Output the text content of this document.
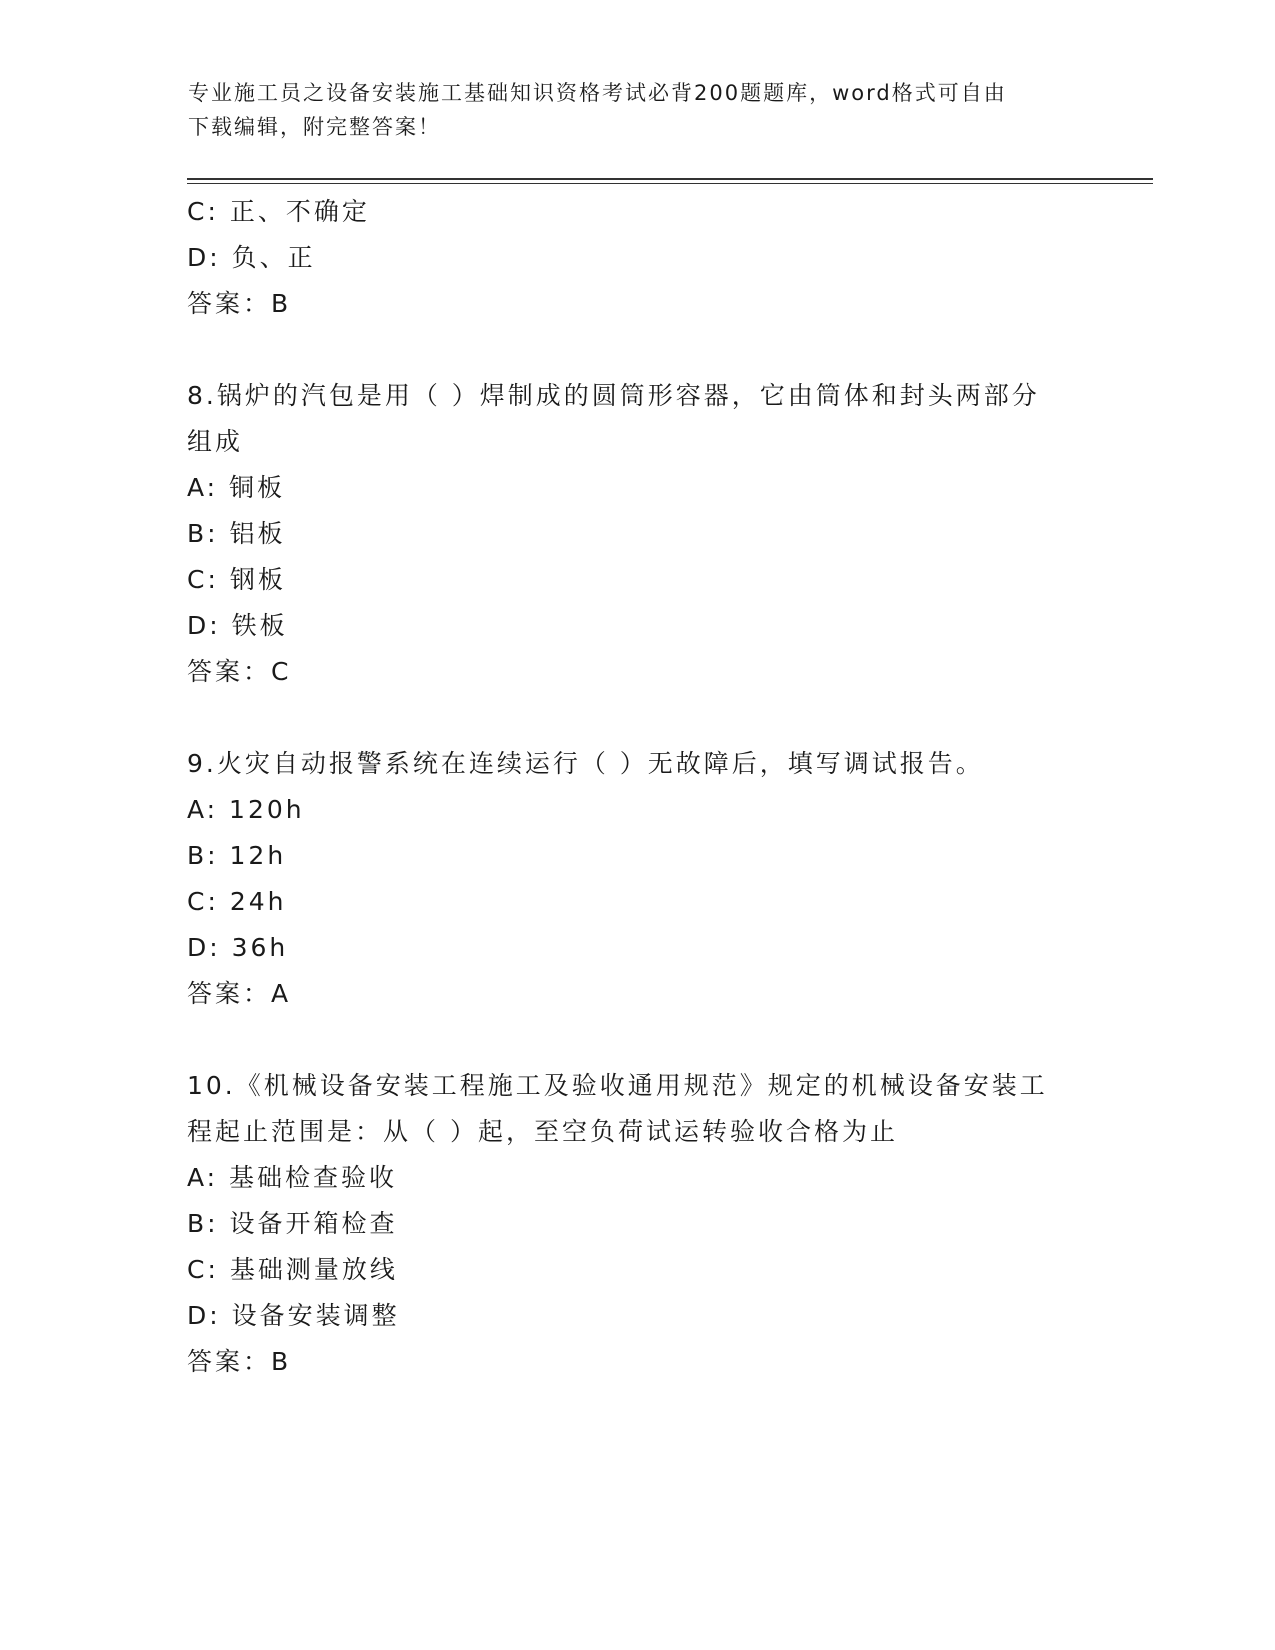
专业施工员之设备安装施工基础知识资格考试必背200题题库，word格式可自由
下载编辑，附完整答案！
C: 正、不确定
D: 负、正
答案：B
8.锅炉的汽包是用（ ）焊制成的圆筒形容器，它由筒体和封头两部分
组成
A: 铜板
B: 铝板
C: 钢板
D: 铁板
答案：C
9.火灾自动报警系统在连续运行（ ）无故障后，填写调试报告。
A: 120h
B: 12h
C: 24h
D: 36h
答案：A
10.《机械设备安装工程施工及验收通用规范》规定的机械设备安装工
程起止范围是：从（ ）起，至空负荷试运转验收合格为止
A: 基础检查验收
B: 设备开箱检查
C: 基础测量放线
D: 设备安装调整
答案：B
